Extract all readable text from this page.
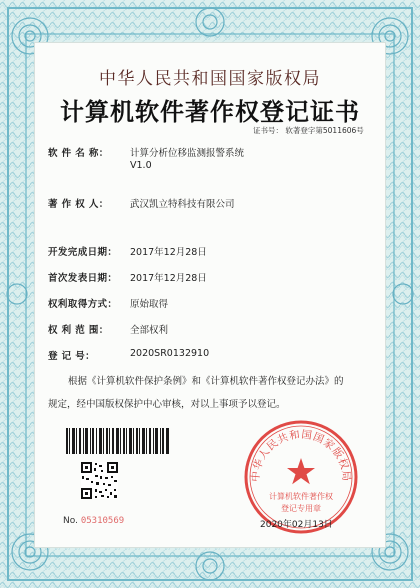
中华人民共和国国家版权局
计算机软件著作权登记证书
证书号： 软著登字第5011606号
软 件 名 称： 计算分析位移监测报警系统
V1.0
著 作 权 人： 武汉凯立特科技有限公司
开发完成日期： 2017年12月28日
首次发表日期： 2017年12月28日
权利取得方式： 原始取得
权 利 范 围： 全部权利
登 记 号：	2020SR0132910
根据《计算机软件保护条例》和《计算机软件著作权登记办法》的
规定，经中国版权保护中心审核，对以上事项予以登记。
No. 05310569
中华人民共和国国家版权局
计算机软件著作权
登记专用章
2020年02月13日
